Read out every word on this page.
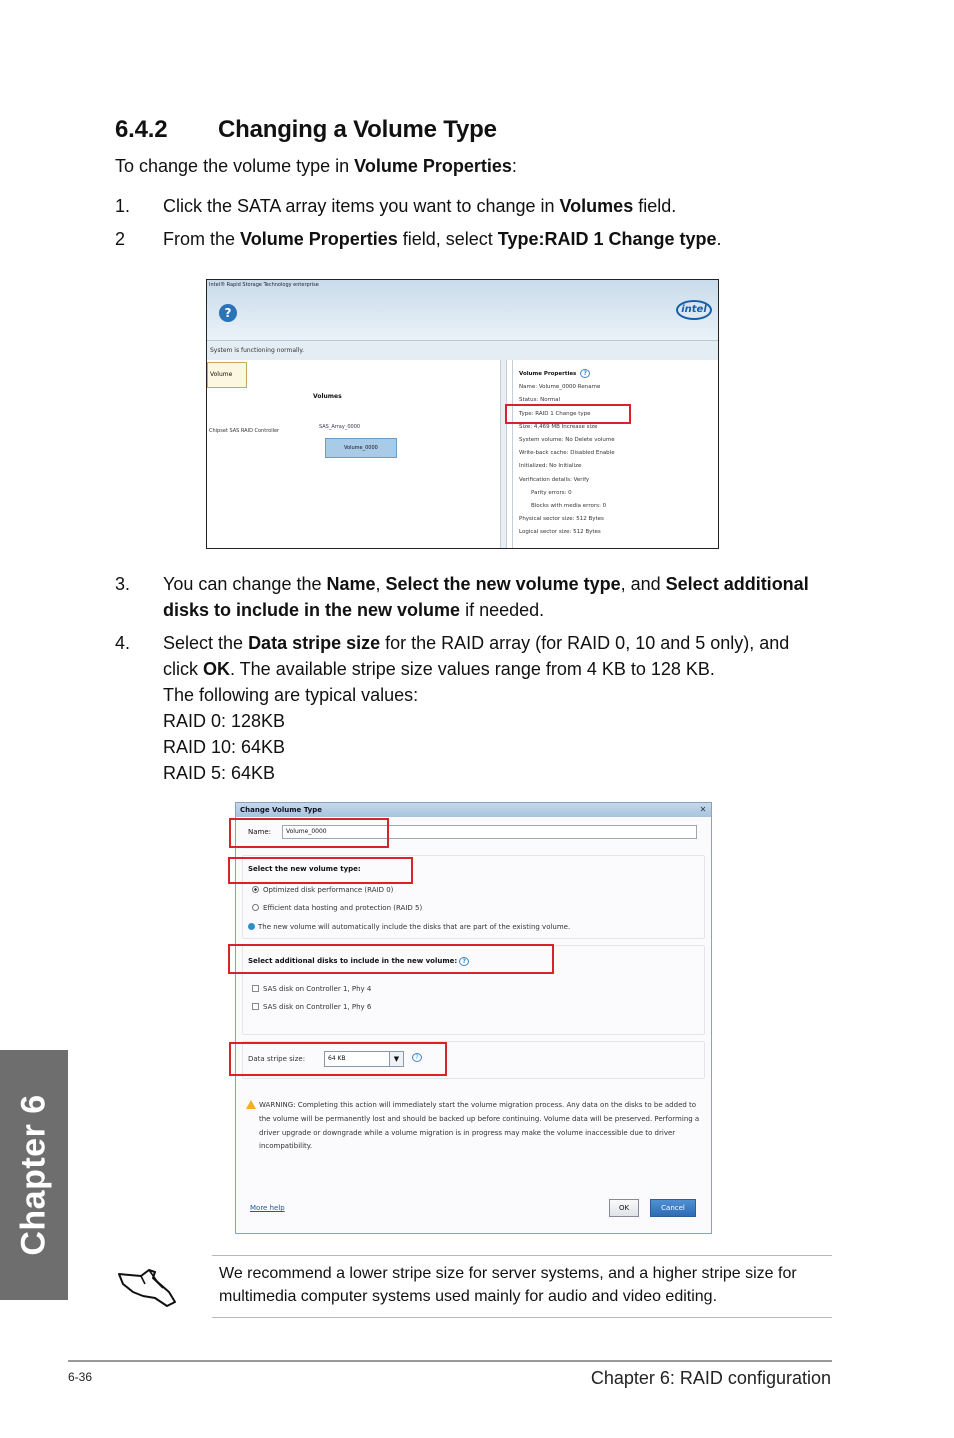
6.4.2 Changing a Volume Type
To change the volume type in Volume Properties:
1. Click the SATA array items you want to change in Volumes field.
2 From the Volume Properties field, select Type:RAID 1 Change type.
Intel® Rapid Storage Technology enterprise
?	intel
System is functioning normally.
Volume
Chipset SAS RAID Controller
Volumes
SAS_Array_0000
Volume_0000
Volume Properties ?
Name: Volume_0000 Rename
Status: Normal
Type: RAID 1 Change type
Size: 4,469 MB Increase size
System volume: No Delete volume
Write-back cache: Disabled Enable
Initialized: No Initialize
Verification details: Verify
Parity errors: 0
Blocks with media errors: 0
Physical sector size: 512 Bytes
Logical sector size: 512 Bytes
3. You can change the Name, Select the new volume type, and Select additional disks to include in the new volume if needed.
4. Select the Data stripe size for the RAID array (for RAID 0, 10 and 5 only), and click OK. The available stripe size values range from 4 KB to 128 KB.
The following are typical values:
RAID 0: 128KB
RAID 10: 64KB
RAID 5: 64KB
Change Volume Type	✕
Name:	Volume_0000
Select the new volume type:
Optimized disk performance (RAID 0)
Efficient data hosting and protection (RAID 5)
The new volume will automatically include the disks that are part of the existing volume.
Select additional disks to include in the new volume: ?
SAS disk on Controller 1, Phy 4
SAS disk on Controller 1, Phy 6
Data stripe size:	64 KB	▼	?
WARNING: Completing this action will immediately start the volume migration process. Any data on the disks to be added to the volume will be permanently lost and should be backed up before continuing. Volume data will be preserved. Performing a driver upgrade or downgrade while a volume migration is in progress may make the volume inaccessible due to driver incompatibility.
More help	OK	Cancel
We recommend a lower stripe size for server systems, and a higher stripe size for multimedia computer systems used mainly for audio and video editing.
Chapter 6
6-36	Chapter 6: RAID configuration
